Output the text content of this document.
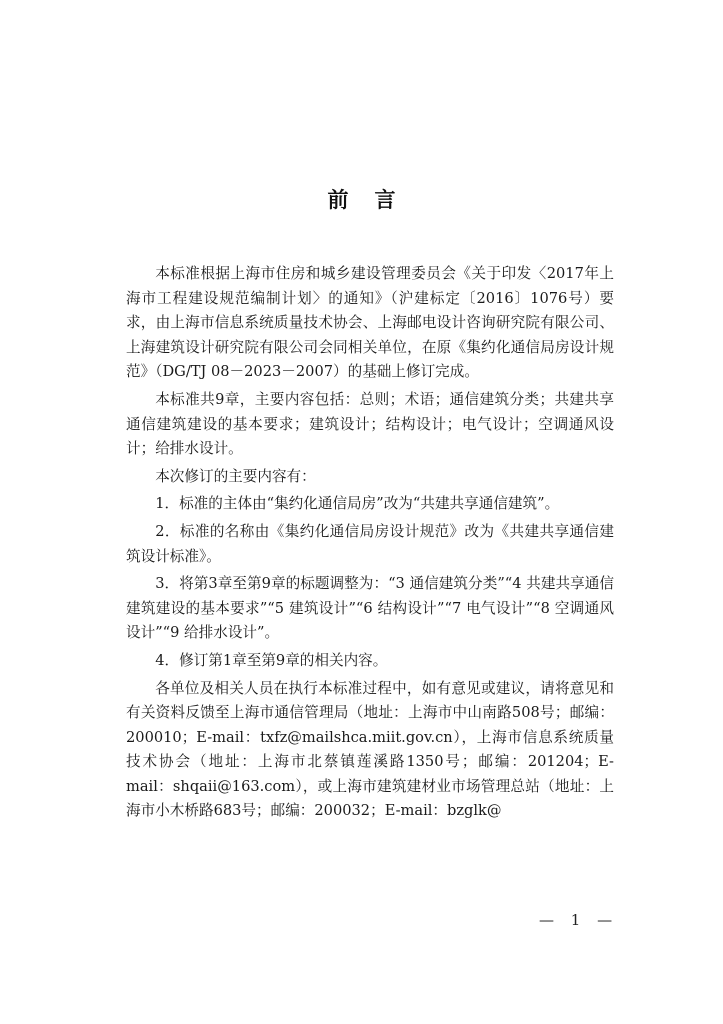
前言

本标准根据上海市住房和城乡建设管理委员会《关于印发〈2017年上海市工程建设规范编制计划〉的通知》（沪建标定〔2016〕1076号）要求，由上海市信息系统质量技术协会、上海邮电设计咨询研究院有限公司、上海建筑设计研究院有限公司会同相关单位，在原《集约化通信局房设计规范》（DG/TJ 08－2023－2007）的基础上修订完成。

本标准共9章，主要内容包括：总则；术语；通信建筑分类；共建共享通信建筑建设的基本要求；建筑设计；结构设计；电气设计；空调通风设计；给排水设计。

本次修订的主要内容有：

1．标准的主体由“集约化通信局房”改为“共建共享通信建筑”。

2．标准的名称由《集约化通信局房设计规范》改为《共建共享通信建筑设计标准》。

3．将第3章至第9章的标题调整为：“3 通信建筑分类”“4 共建共享通信建筑建设的基本要求”“5 建筑设计”“6 结构设计”“7 电气设计”“8 空调通风设计”“9 给排水设计”。

4．修订第1章至第9章的相关内容。

各单位及相关人员在执行本标准过程中，如有意见或建议，请将意见和有关资料反馈至上海市通信管理局（地址：上海市中山南路508号；邮编：200010；E-mail：txfz@mailshca.miit.gov.cn），上海市信息系统质量技术协会（地址：上海市北蔡镇莲溪路1350号；邮编：201204；E-mail：shqaii@163.com），或上海市建筑建材业市场管理总站（地址：上海市小木桥路683号；邮编：200032；E-mail：bzglk@

— 1 —
